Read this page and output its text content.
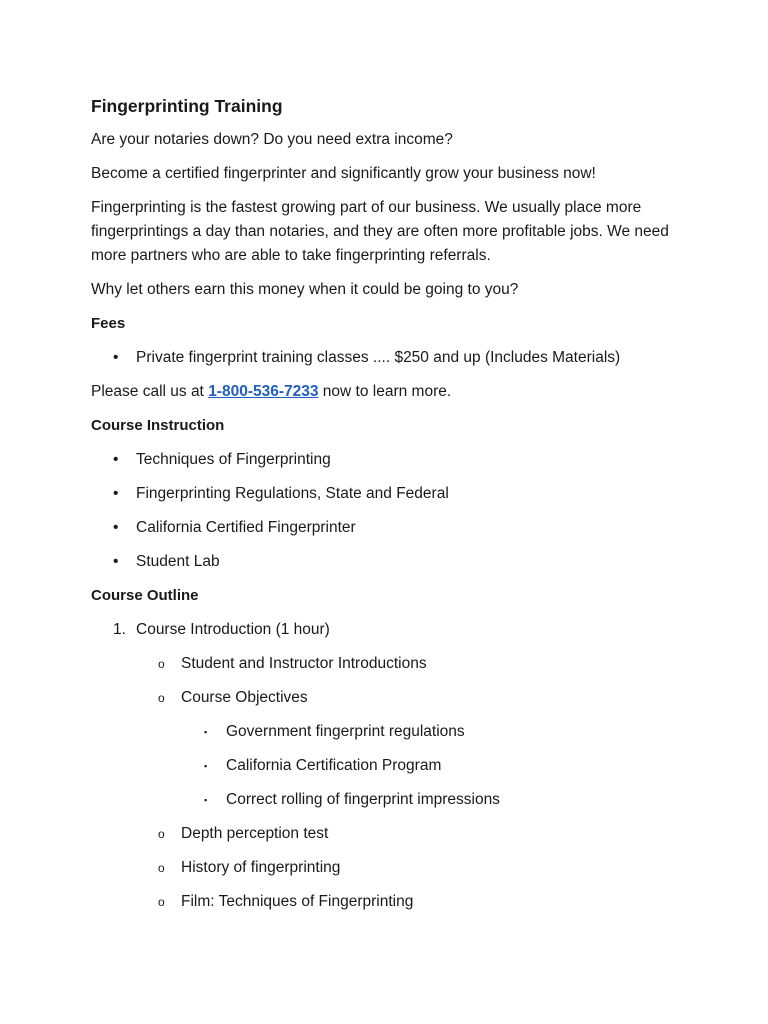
Fingerprinting Training

Are your notaries down? Do you need extra income?

Become a certified fingerprinter and significantly grow your business now!

Fingerprinting is the fastest growing part of our business. We usually place more fingerprintings a day than notaries, and they are often more profitable jobs. We need more partners who are able to take fingerprinting referrals.

Why let others earn this money when it could be going to you?

Fees
• Private fingerprint training classes .... $250 and up (Includes Materials)

Please call us at 1-800-536-7233 now to learn more.

Course Instruction
• Techniques of Fingerprinting
• Fingerprinting Regulations, State and Federal
• California Certified Fingerprinter
• Student Lab
Course Outline
1. Course Introduction (1 hour)
o Student and Instructor Introductions
o Course Objectives
▪ Government fingerprint regulations
▪ California Certification Program
▪ Correct rolling of fingerprint impressions
o Depth perception test
o History of fingerprinting
o Film: Techniques of Fingerprinting
